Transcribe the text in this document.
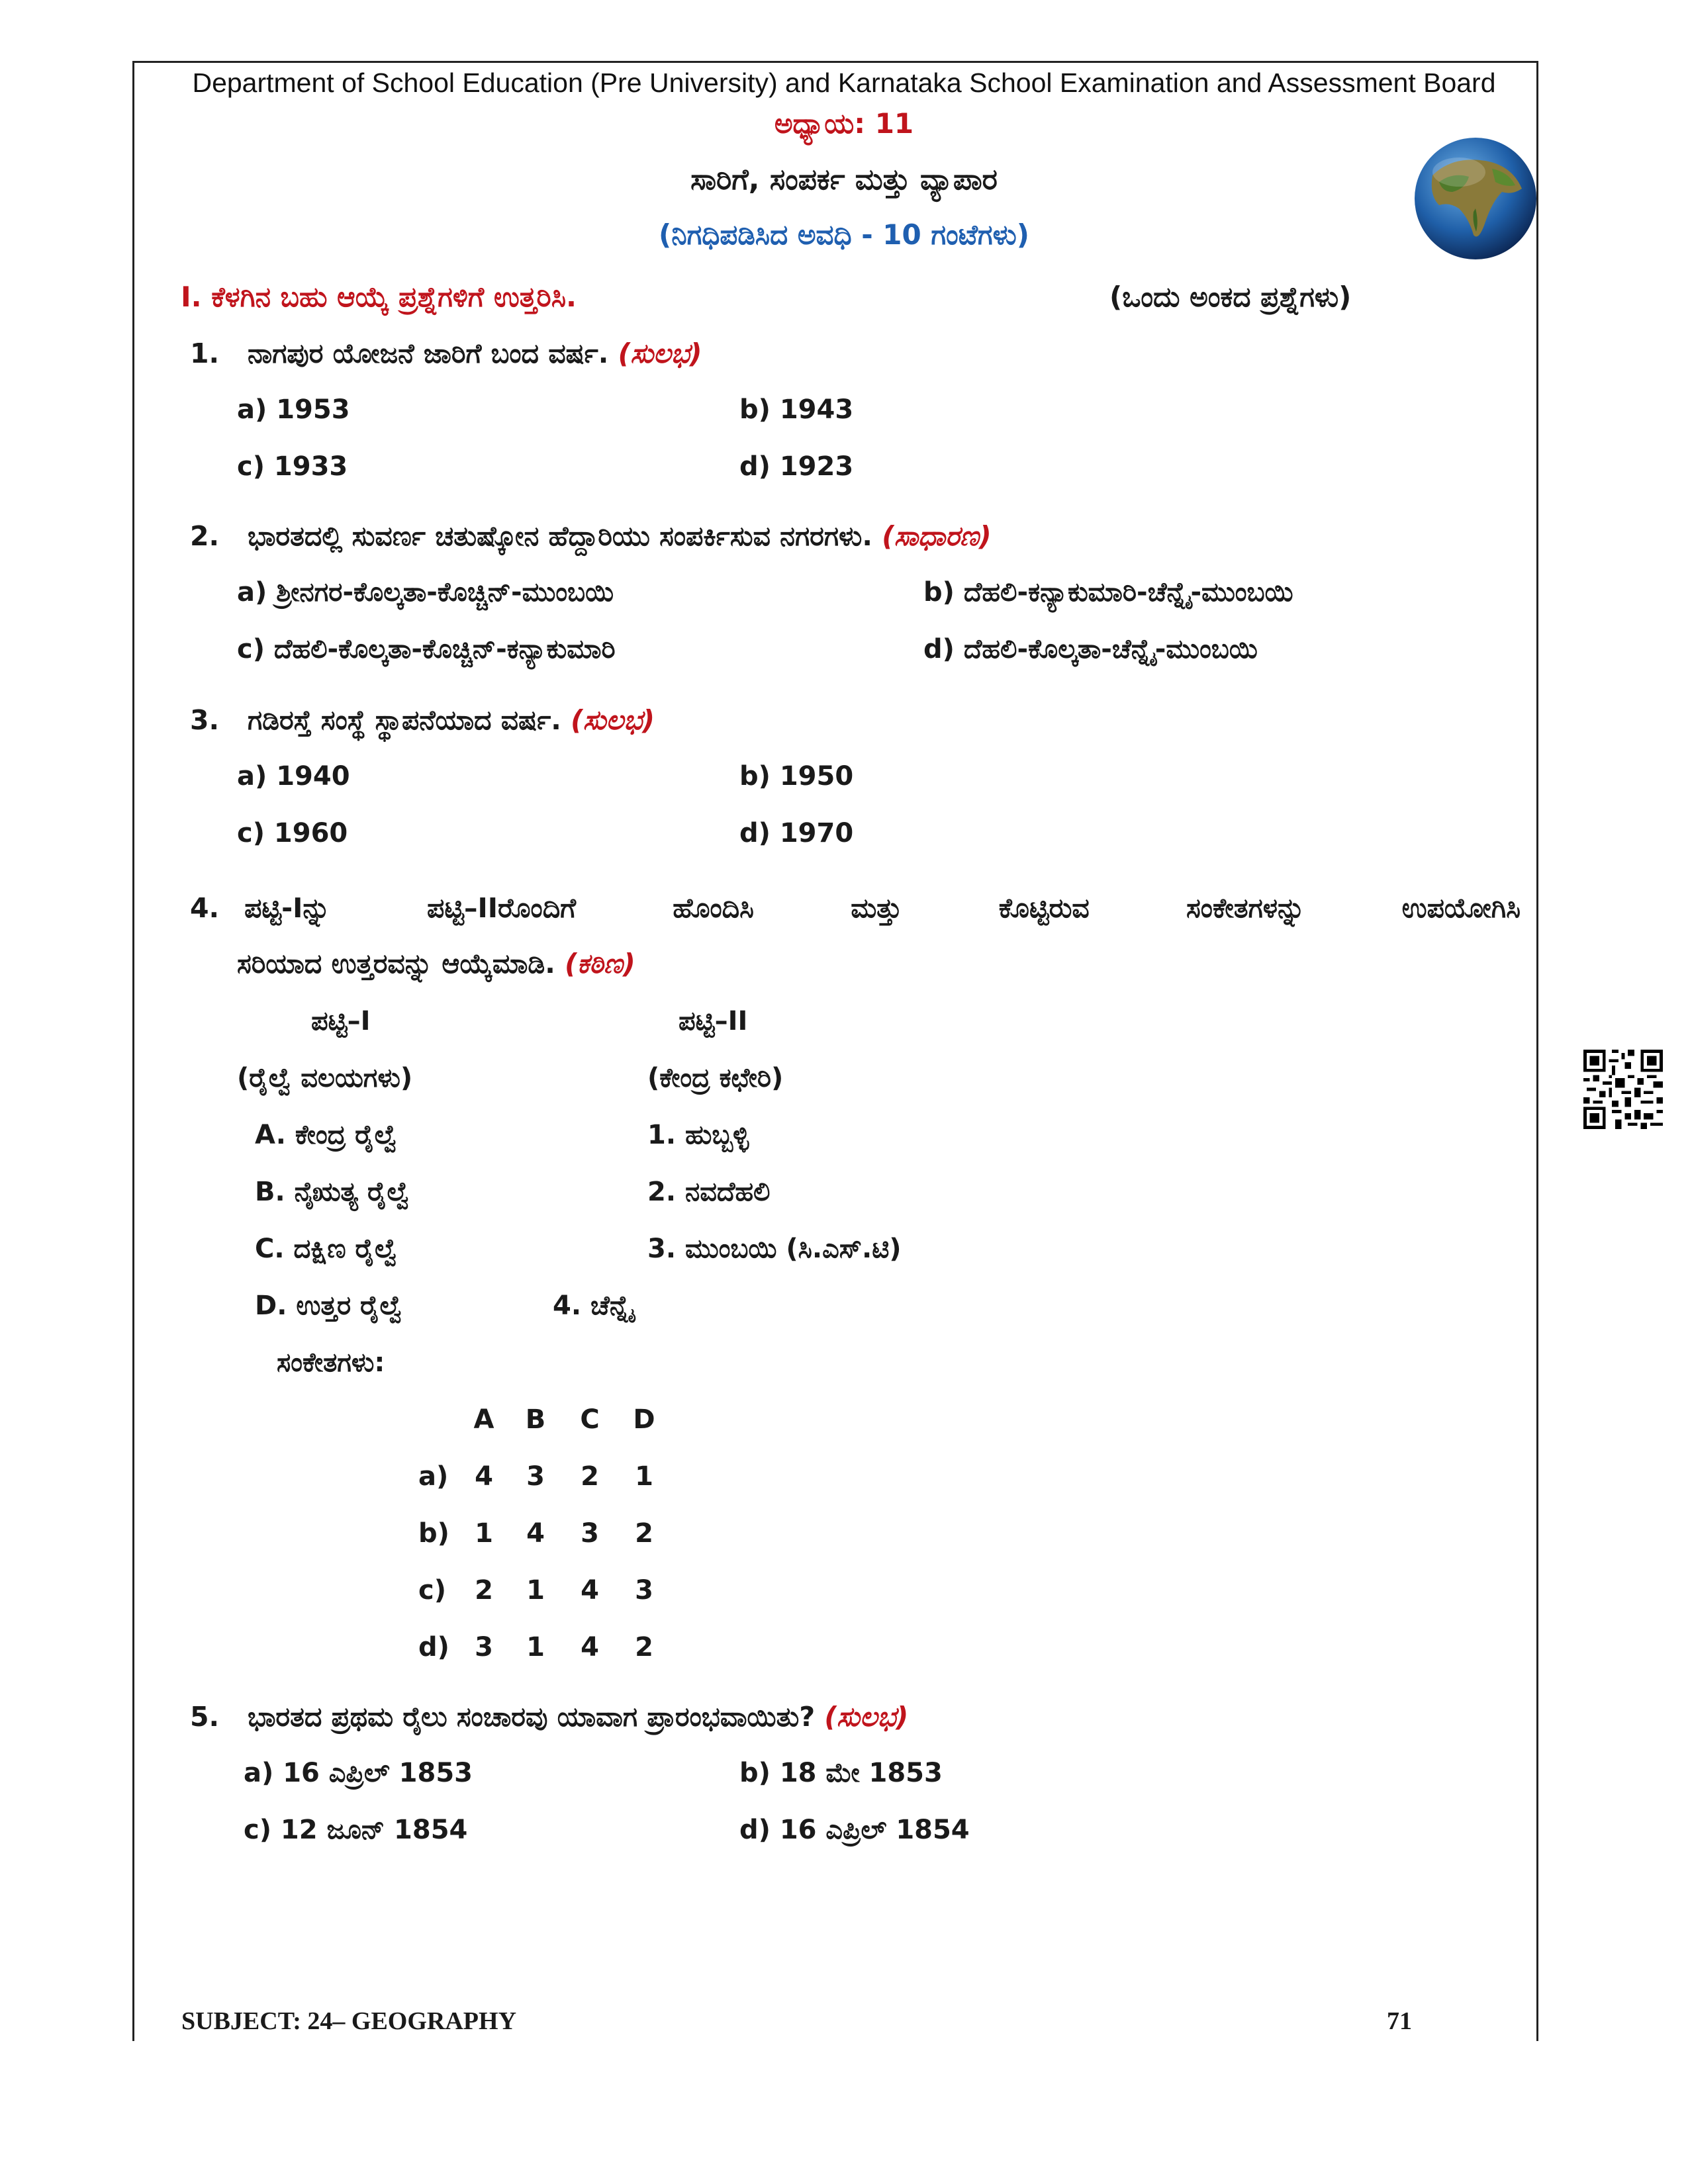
Department of School Education (Pre University) and Karnataka School Examination and Assessment Board
ಅಧ್ಯಾಯ: 11
ಸಾರಿಗೆ, ಸಂಪರ್ಕ ಮತ್ತು ವ್ಯಾಪಾರ
(ನಿಗಧಿಪಡಿಸಿದ ಅವಧಿ - 10 ಗಂಟೆಗಳು)
I. ಕೆಳಗಿನ ಬಹು ಆಯ್ಕೆ ಪ್ರಶ್ನೆಗಳಿಗೆ ಉತ್ತರಿಸಿ.	(ಒಂದು ಅಂಕದ ಪ್ರಶ್ನೆಗಳು)
1. ನಾಗಪುರ ಯೋಜನೆ ಜಾರಿಗೆ ಬಂದ ವರ್ಷ. (ಸುಲಭ)
a) 1953	b) 1943
c) 1933	d) 1923
2. ಭಾರತದಲ್ಲಿ ಸುವರ್ಣ ಚತುಷ್ಕೋನ ಹೆದ್ದಾರಿಯು ಸಂಪರ್ಕಿಸುವ ನಗರಗಳು. (ಸಾಧಾರಣ)
a) ಶ್ರೀನಗರ-ಕೊಲ್ಕತಾ-ಕೊಚ್ಚಿನ್-ಮುಂಬಯಿ	b) ದೆಹಲಿ-ಕನ್ಯಾಕುಮಾರಿ-ಚೆನ್ನೈ-ಮುಂಬಯಿ
c) ದೆಹಲಿ-ಕೊಲ್ಕತಾ-ಕೊಚ್ಚಿನ್-ಕನ್ಯಾಕುಮಾರಿ	d) ದೆಹಲಿ-ಕೊಲ್ಕತಾ-ಚೆನ್ನೈ-ಮುಂಬಯಿ
3. ಗಡಿರಸ್ತೆ ಸಂಸ್ಥೆ ಸ್ಥಾಪನೆಯಾದ ವರ್ಷ. (ಸುಲಭ)
a) 1940	b) 1950
c) 1960	d) 1970
4. ಪಟ್ಟಿ-Iನ್ನು ಪಟ್ಟಿ–IIರೊಂದಿಗೆ ಹೊಂದಿಸಿ ಮತ್ತು ಕೊಟ್ಟಿರುವ ಸಂಕೇತಗಳನ್ನು ಉಪಯೋಗಿಸಿ
ಸರಿಯಾದ ಉತ್ತರವನ್ನು ಆಯ್ಕೆಮಾಡಿ. (ಕಠಿಣ)
ಪಟ್ಟಿ–I	ಪಟ್ಟಿ–II
(ರೈಲ್ವೆ ವಲಯಗಳು)	(ಕೇಂದ್ರ ಕಛೇರಿ)
A. ಕೇಂದ್ರ ರೈಲ್ವೆ	1. ಹುಬ್ಬಳ್ಳಿ
B. ನೈಋತ್ಯ ರೈಲ್ವೆ	2. ನವದೆಹಲಿ
C. ದಕ್ಷಿಣ ರೈಲ್ವೆ	3. ಮುಂಬಯಿ (ಸಿ.ಎಸ್.ಟಿ)
D. ಉತ್ತರ ರೈಲ್ವೆ	4. ಚೆನ್ನೈ
ಸಂಕೇತಗಳು:
A B C D
a) 4 3 2 1
b) 1 4 3 2
c) 2 1 4 3
d) 3 1 4 2
5. ಭಾರತದ ಪ್ರಥಮ ರೈಲು ಸಂಚಾರವು ಯಾವಾಗ ಪ್ರಾರಂಭವಾಯಿತು? (ಸುಲಭ)
a) 16 ಎಪ್ರಿಲ್ 1853	b) 18 ಮೇ 1853
c) 12 ಜೂನ್ 1854	d) 16 ಎಪ್ರಿಲ್ 1854
SUBJECT: 24– GEOGRAPHY	71
